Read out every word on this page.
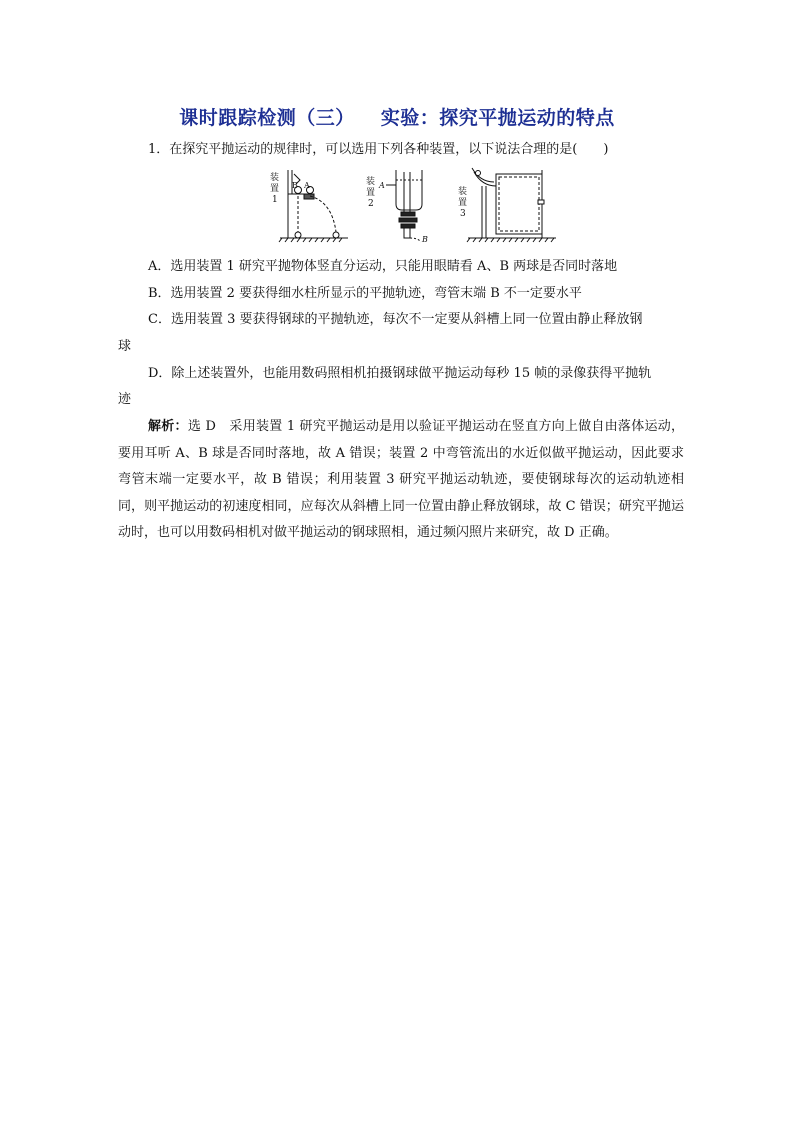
课时跟踪检测（三） 实验：探究平抛运动的特点
1．在探究平抛运动的规律时，可以选用下列各种装置，以下说法合理的是(　　)
装
置
1
B A	装
置
2
A
B
装
置
3
A．选用装置 1 研究平抛物体竖直分运动，只能用眼睛看 A、B 两球是否同时落地
B．选用装置 2 要获得细水柱所显示的平抛轨迹，弯管末端 B 不一定要水平
C．选用装置 3 要获得钢球的平抛轨迹，每次不一定要从斜槽上同一位置由静止释放钢
球
D．除上述装置外，也能用数码照相机拍摄钢球做平抛运动每秒 15 帧的录像获得平抛轨
迹
解析：选 D　采用装置 1 研究平抛运动是用以验证平抛运动在竖直方向上做自由落体运动，要用耳听 A、B 球是否同时落地，故 A 错误；装置 2 中弯管流出的水近似做平抛运动，因此要求弯管末端一定要水平，故 B 错误；利用装置 3 研究平抛运动轨迹，要使钢球每次的运动轨迹相同，则平抛运动的初速度相同，应每次从斜槽上同一位置由静止释放钢球，故 C 错误；研究平抛运动时，也可以用数码相机对做平抛运动的钢球照相，通过频闪照片来研究，故 D 正确。
